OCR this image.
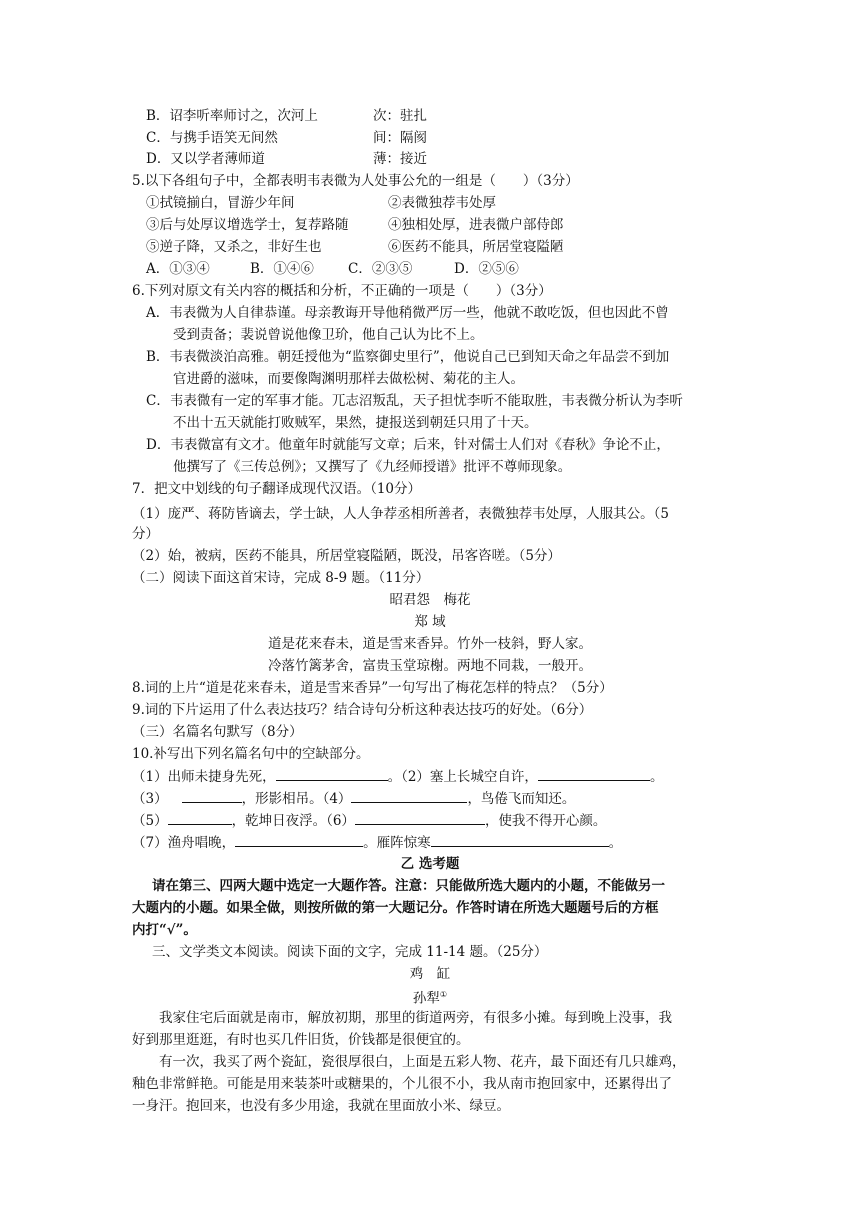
B．诏李听率师讨之，次河上	次：驻扎
C．与携手语笑无间然	间：隔阂
D．又以学者薄师道	薄：接近
5.以下各组句子中，全都表明韦表微为人处事公允的一组是（　　）（3分）
①拭镜揃白，冒游少年间	②表微独荐韦处厚
③后与处厚议增选学士，复荐路随	④独相处厚，进表微户部侍郎
⑤逆子降，又杀之，非好生也	⑥医药不能具，所居堂寝隘陋
A．①③④	B．①④⑥	C．②③⑤	D．②⑤⑥
6.下列对原文有关内容的概括和分析，不正确的一项是（　　）（3分）
A．韦表微为人自律恭谨。母亲教诲开导他稍微严厉一些，他就不敢吃饭，但也因此不曾
受到责备；裴说曾说他像卫玠，他自己认为比不上。
B．韦表微淡泊高雅。朝廷授他为“监察御史里行”，他说自己已到知天命之年品尝不到加
官进爵的滋味，而要像陶渊明那样去做松树、菊花的主人。
C．韦表微有一定的军事才能。兀志沼叛乱，天子担忧李听不能取胜，韦表微分析认为李听
不出十五天就能打败贼军，果然，捷报送到朝廷只用了十天。
D．韦表微富有文才。他童年时就能写文章；后来，针对儒士人们对《春秋》争论不止，
他撰写了《三传总例》；又撰写了《九经师授谱》批评不尊师现象。
7．把文中划线的句子翻译成现代汉语。（10分）
（1）庞严、蒋防皆谪去，学士缺，人人争荐丞相所善者，表微独荐韦处厚，人服其公。（5
分）
（2）始，被病，医药不能具，所居堂寝隘陋，既没，吊客咨嗟。（5分）
（二）阅读下面这首宋诗，完成 8-9 题。（11分）
昭君怨　梅花
郑 域
道是花来春未，道是雪来香异。竹外一枝斜，野人家。
冷落竹篱茅舍，富贵玉堂琼榭。两地不同栽，一般开。
8.词的上片“道是花来春未，道是雪来香异”一句写出了梅花怎样的特点？（5分）
9.词的下片运用了什么表达技巧？结合诗句分析这种表达技巧的好处。（6分）
（三）名篇名句默写（8分）
10.补写出下列名篇名句中的空缺部分。
（1）出师未捷身先死，	。（2）塞上长城空自许，	。
（3）	，形影相吊。（4）	，鸟倦飞而知还。
（5）	，乾坤日夜浮。（6）	，使我不得开心颜。
（7）渔舟唱晚，	。雁阵惊寒	。
乙 选考题
请在第三、四两大题中选定一大题作答。注意：只能做所选大题内的小题，不能做另一
大题内的小题。如果全做，则按所做的第一大题记分。作答时请在所选大题题号后的方框
内打“√”。
三、文学类文本阅读。阅读下面的文字，完成 11-14 题。（25分）
鸡　缸
孙犁①
我家住宅后面就是南市，解放初期，那里的街道两旁，有很多小摊。每到晚上没事，我
好到那里逛逛，有时也买几件旧货，价钱都是很便宜的。
有一次，我买了两个瓷缸，瓷很厚很白，上面是五彩人物、花卉，最下面还有几只雄鸡，
釉色非常鲜艳。可能是用来装茶叶或糖果的，个儿很不小，我从南市抱回家中，还累得出了
一身汗。抱回来，也没有多少用途，我就在里面放小米、绿豆。
